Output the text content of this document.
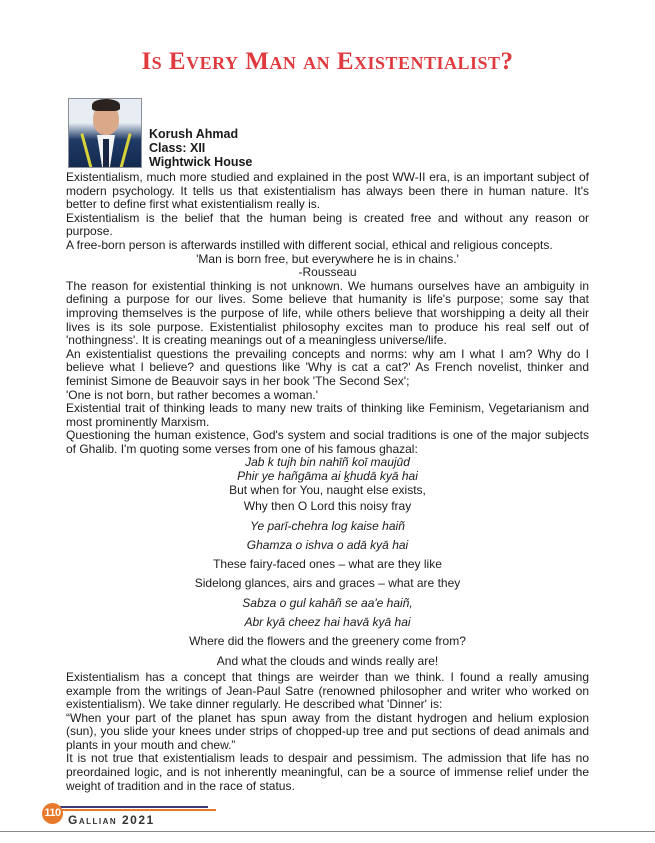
Is Every Man an Existentialist?
Korush Ahmad
Class: XII
Wightwick House

Existentialism, much more studied and explained in the post WW-II era, is an important subject of modern psychology. It tells us that existentialism has always been there in human nature. It's better to define first what existentialism really is.

Existentialism is the belief that the human being is created free and without any reason or purpose.

A free-born person is afterwards instilled with different social, ethical and religious concepts.

'Man is born free, but everywhere he is in chains.'

-Rousseau

The reason for existential thinking is not unknown. We humans ourselves have an ambiguity in defining a purpose for our lives. Some believe that humanity is life's purpose; some say that improving themselves is the purpose of life, while others believe that worshipping a deity all their lives is its sole purpose. Existentialist philosophy excites man to produce his real self out of 'nothingness'. It is creating meanings out of a meaningless universe/life.

An existentialist questions the prevailing concepts and norms: why am I what I am? Why do I believe what I believe? and questions like 'Why is cat a cat?' As French novelist, thinker and feminist Simone de Beauvoir says in her book 'The Second Sex';

'One is not born, but rather becomes a woman.'

Existential trait of thinking leads to many new traits of thinking like Feminism, Vegetarianism and most prominently Marxism.

Questioning the human existence, God's system and social traditions is one of the major subjects of Ghalib. I'm quoting some verses from one of his famous ghazal:

Jab k tujh bin nahīñ koī maujūd
Phir ye hañgāma ai ḵhudā kyā hai
But when for You, naught else exists,
Why then O Lord this noisy fray
Ye parī-chehra log kaise haiñ
Ghamza o ishva o adā kyā hai
These fairy-faced ones – what are they like
Sidelong glances, airs and graces – what are they
Sabza o gul kahāñ se aa'e haiñ,
Abr kyā cheez hai havā kyā hai
Where did the flowers and the greenery come from?
And what the clouds and winds really are!

Existentialism has a concept that things are weirder than we think. I found a really amusing example from the writings of Jean-Paul Satre (renowned philosopher and writer who worked on existentialism). We take dinner regularly. He described what 'Dinner' is:

“When your part of the planet has spun away from the distant hydrogen and helium explosion (sun), you slide your knees under strips of chopped-up tree and put sections of dead animals and plants in your mouth and chew.”

It is not true that existentialism leads to despair and pessimism. The admission that life has no preordained logic, and is not inherently meaningful, can be a source of immense relief under the weight of tradition and in the race of status.

110 Gallian 2021
